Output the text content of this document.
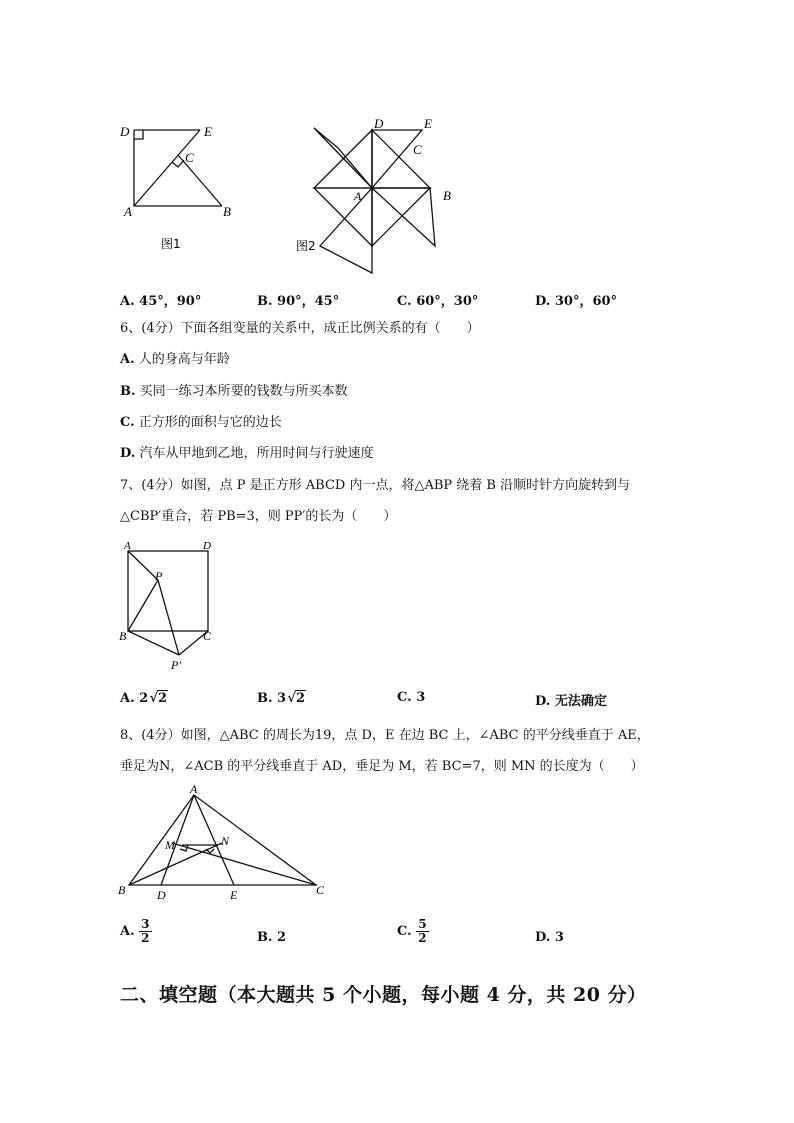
D	E
C
A	B
图1
D	E
C
A	B
图2
A. 45°，90°	B. 90°，45°	C. 60°，30°	D. 30°，60°
6、(4分）下面各组变量的关系中，成正比例关系的有（　　）
A. 人的身高与年龄
B. 买同一练习本所要的钱数与所买本数
C. 正方形的面积与它的边长
D. 汽车从甲地到乙地，所用时间与行驶速度
7、(4分）如图，点 P 是正方形 ABCD 内一点，将△ABP 绕着 B 沿顺时针方向旋转到与
△CBP′重合，若 PB=3，则 PP′的长为（　　）
A	D
P
B	C
P′
A. 2 √2	B. 3 √2	C. 3	D. 无法确定
8、(4分）如图，△ABC 的周长为19，点 D，E 在边 BC 上，∠ABC 的平分线垂直于 AE，
垂足为N，∠ACB 的平分线垂直于 AD，垂足为 M，若 BC=7，则 MN 的长度为（　　）
A
M	N
B	D	E	C
A. $\frac{3}{2}$	B. 2	C. $\frac{5}{2}$	D. 3
二、填空题（本大题共 5 个小题，每小题 4 分，共 20 分）
